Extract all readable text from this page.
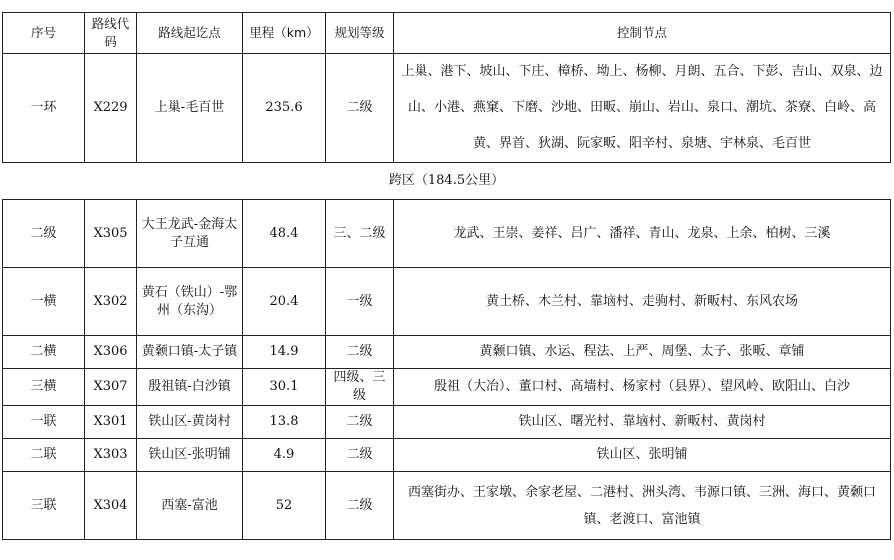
序号	路线代码	路线起讫点	里程（km）	规划等级	控制节点
一环	X229	上巢-毛百世	235.6	二级	上巢、港下、坡山、下庄、樟桥、坳上、杨柳、月朗、五合、下彭、吉山、双泉、边山、小港、燕窠、下磨、沙地、田畈、崩山、岩山、泉口、潮坑、茶寮、白岭、高黄、界首、狄湖、阮家畈、阳辛村、泉塘、宇林泉、毛百世
跨区（184.5公里）					
二级	X305	大王龙武-金海太子互通	48.4	三、二级	龙武、王崇、姜祥、吕广、潘祥、青山、龙泉、上余、柏树、三溪
一横	X302	黄石（铁山）-鄂州（东沟）	20.4	一级	黄土桥、木兰村、靠垴村、走驹村、新畈村、东风农场
二横	X306	黄颡口镇-太子镇	14.9	二级	黄颡口镇、水运、程法、上严、周堡、太子、张畈、章铺
三横	X307	殷祖镇-白沙镇	30.1	四级、三级	殷祖（大冶）、董口村、高墙村、杨家村（县界）、望风岭、欧阳山、白沙
一联	X301	铁山区-黄岗村	13.8	二级	铁山区、曙光村、靠垴村、新畈村、黄岗村
二联	X303	铁山区-张明铺	4.9	二级	铁山区、张明铺
三联	X304	西塞-富池	52	二级	西塞街办、王家墩、余家老屋、二港村、洲头湾、韦源口镇、三洲、海口、黄颡口镇、老渡口、富池镇
